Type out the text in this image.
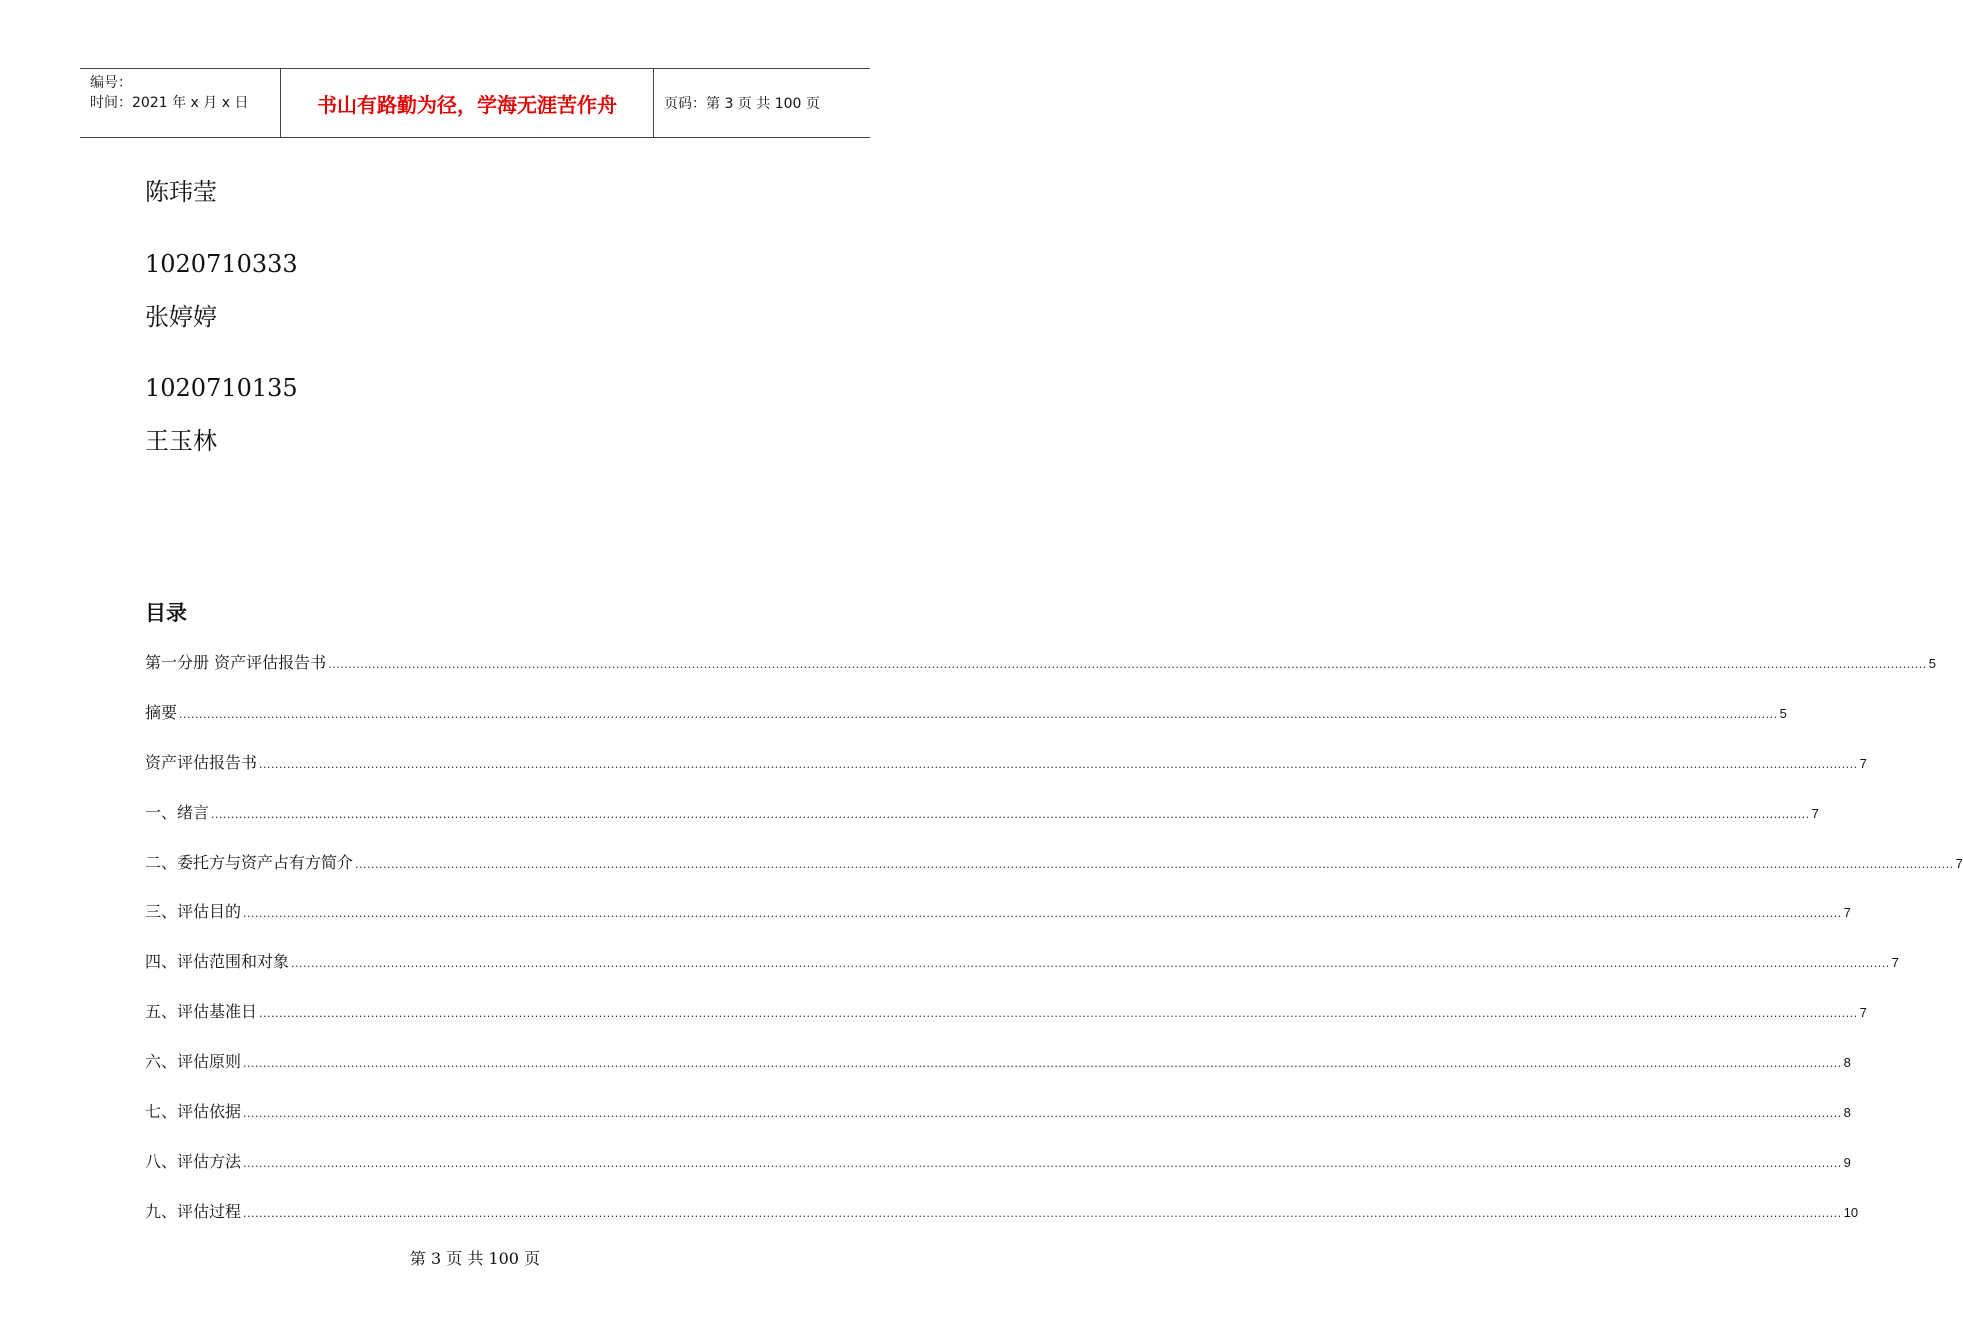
编号：
时间：2021 年 x 月 x 日	书山有路勤为径，学海无涯苦作舟	页码：第 3 页 共 100 页
陈玮莹
1020710333
张婷婷
1020710135
王玉林
目录
第一分册 资产评估报告书 ................................................................................................................................................................................................................................................................................................................................................................................................................ 5
摘要 ................................................................................................................................................................................................................................................................................................................................................................................................................ 5
资产评估报告书 ................................................................................................................................................................................................................................................................................................................................................................................................................ 7
一、绪言 ................................................................................................................................................................................................................................................................................................................................................................................................................ 7
二、委托方与资产占有方简介 ................................................................................................................................................................................................................................................................................................................................................................................................................ 7
三、评估目的 ................................................................................................................................................................................................................................................................................................................................................................................................................ 7
四、评估范围和对象 ................................................................................................................................................................................................................................................................................................................................................................................................................ 7
五、评估基准日 ................................................................................................................................................................................................................................................................................................................................................................................................................ 7
六、评估原则 ................................................................................................................................................................................................................................................................................................................................................................................................................ 8
七、评估依据 ................................................................................................................................................................................................................................................................................................................................................................................................................ 8
八、评估方法 ................................................................................................................................................................................................................................................................................................................................................................................................................ 9
九、评估过程 ................................................................................................................................................................................................................................................................................................................................................................................................................ 10
第 3 页 共 100 页
